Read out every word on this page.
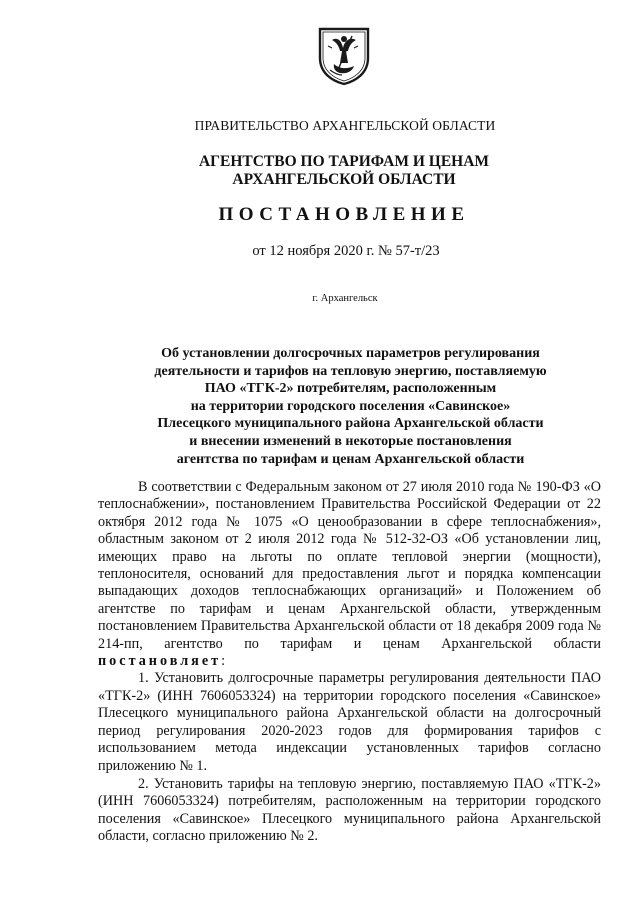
ПРАВИТЕЛЬСТВО АРХАНГЕЛЬСКОЙ ОБЛАСТИ
АГЕНТСТВО ПО ТАРИФАМ И ЦЕНАМ
АРХАНГЕЛЬСКОЙ ОБЛАСТИ
ПОСТАНОВЛЕНИЕ
от 12 ноября 2020 г. № 57-т/23
г. Архангельск
Об установлении долгосрочных параметров регулирования
деятельности и тарифов на тепловую энергию, поставляемую
ПАО «ТГК-2» потребителям, расположенным
на территории городского поселения «Савинское»
Плесецкого муниципального района Архангельской области
и внесении изменений в некоторые постановления
агентства по тарифам и ценам Архангельской области

В соответствии с Федеральным законом от 27 июля 2010 года № 190-ФЗ «О теплоснабжении», постановлением Правительства Российской Федерации от 22 октября 2012 года № 1075 «О ценообразовании в сфере теплоснабжения», областным законом от 2 июля 2012 года № 512-32-ОЗ «Об установлении лиц, имеющих право на льготы по оплате тепловой энергии (мощности), теплоносителя, оснований для предоставления льгот и порядка компенсации выпадающих доходов теплоснабжающих организаций» и Положением об агентстве по тарифам и ценам Архангельской области, утвержденным постановлением Правительства Архангельской области от 18 декабря 2009 года № 214-пп, агентство по тарифам и ценам Архангельской области постановляет:

1. Установить долгосрочные параметры регулирования деятельности ПАО «ТГК-2» (ИНН 7606053324) на территории городского поселения «Савинское» Плесецкого муниципального района Архангельской области на долгосрочный период регулирования 2020-2023 годов для формирования тарифов с использованием метода индексации установленных тарифов согласно приложению № 1.

2. Установить тарифы на тепловую энергию, поставляемую ПАО «ТГК-2» (ИНН 7606053324) потребителям, расположенным на территории городского поселения «Савинское» Плесецкого муниципального района Архангельской области, согласно приложению № 2.
